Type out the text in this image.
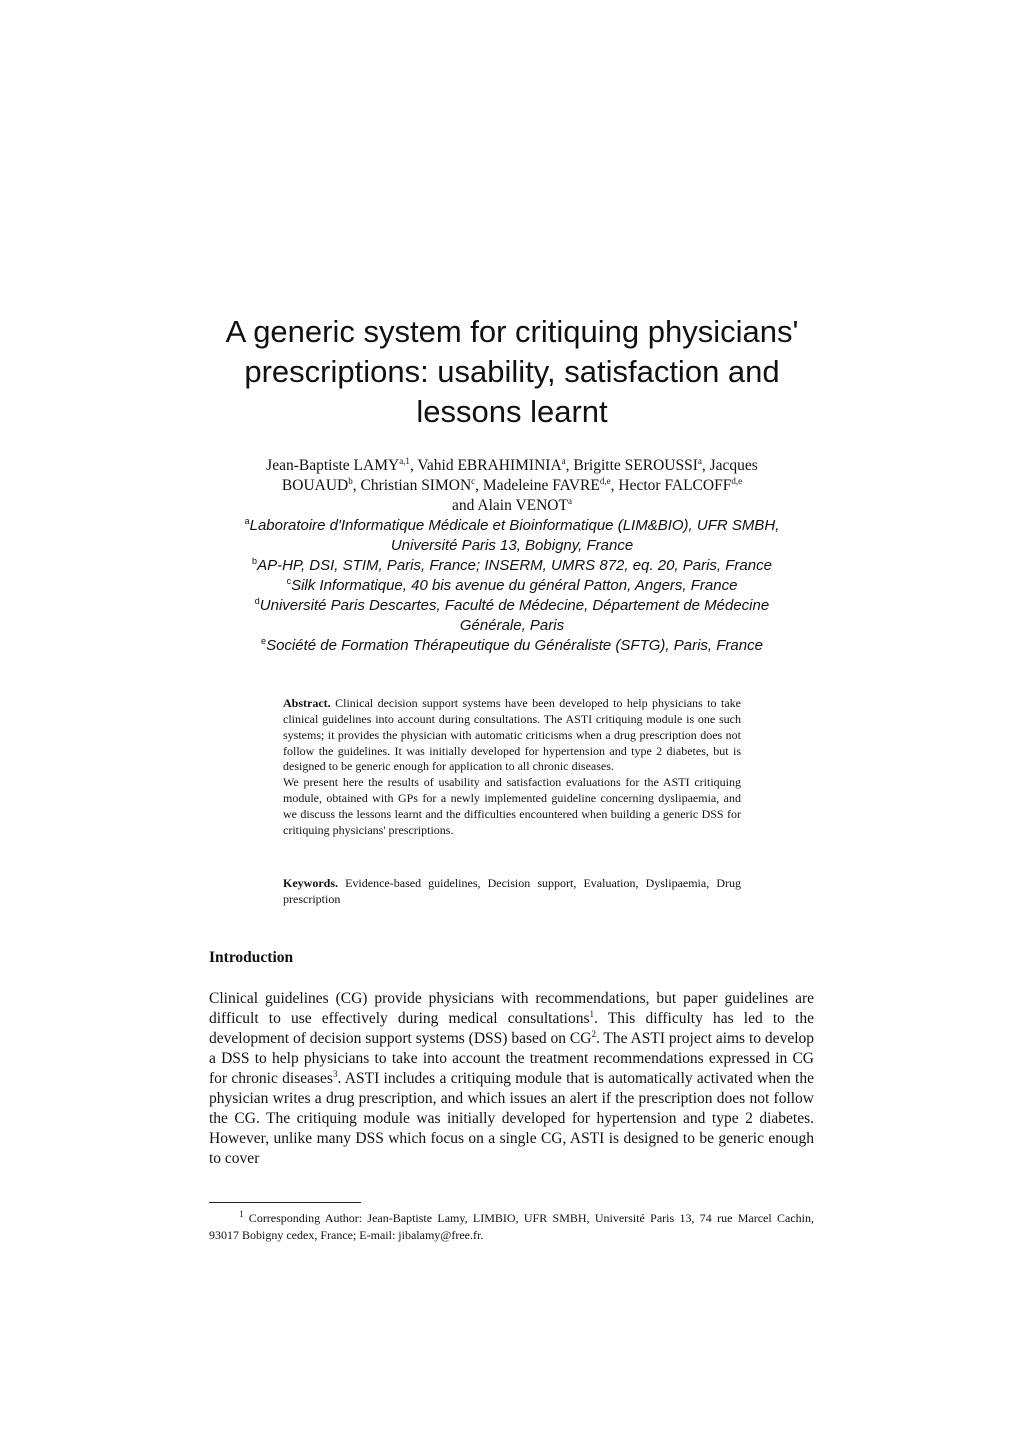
A generic system for critiquing physicians'
prescriptions: usability, satisfaction and
lessons learnt
Jean-Baptiste LAMY$^{a,1}$, Vahid EBRAHIMINIA$^a$, Brigitte SEROUSSI$^a$, Jacques
BOUAUD$^b$, Christian SIMON$^c$, Madeleine FAVRE$^{d,e}$, Hector FALCOFF$^{d,e}$
and Alain VENOT$^a$
$^a$Laboratoire d'Informatique Médicale et Bioinformatique (LIM&BIO), UFR SMBH,
Université Paris 13, Bobigny, France
$^b$AP-HP, DSI, STIM, Paris, France; INSERM, UMRS 872, eq. 20, Paris, France
$^c$Silk Informatique, 40 bis avenue du général Patton, Angers, France
$^d$Université Paris Descartes, Faculté de Médecine, Département de Médecine
Générale, Paris
$^e$Société de Formation Thérapeutique du Généraliste (SFTG), Paris, France

Abstract. Clinical decision support systems have been developed to help physicians to take clinical guidelines into account during consultations. The ASTI critiquing module is one such systems; it provides the physician with automatic criticisms when a drug prescription does not follow the guidelines. It was initially developed for hypertension and type 2 diabetes, but is designed to be generic enough for application to all chronic diseases.

We present here the results of usability and satisfaction evaluations for the ASTI critiquing module, obtained with GPs for a newly implemented guideline concerning dyslipaemia, and we discuss the lessons learnt and the difficulties encountered when building a generic DSS for critiquing physicians' prescriptions.

Keywords. Evidence-based guidelines, Decision support, Evaluation, Dyslipaemia, Drug prescription
Introduction

Clinical guidelines (CG) provide physicians with recommendations, but paper guidelines are difficult to use effectively during medical consultations$^1$. This difficulty has led to the development of decision support systems (DSS) based on $CG^2$. The ASTI project aims to develop a DSS to help physicians to take into account the treatment recommendations expressed in CG for chronic diseases$^3$. ASTI includes a critiquing module that is automatically activated when the physician writes a drug prescription, and which issues an alert if the prescription does not follow the CG. The critiquing module was initially developed for hypertension and type 2 diabetes. However, unlike many DSS which focus on a single CG, ASTI is designed to be generic enough to cover

$^1$ Corresponding Author: Jean-Baptiste Lamy, LIMBIO, UFR SMBH, Université Paris 13, 74 rue Marcel Cachin, 93017 Bobigny cedex, France; E-mail: jibalamy@free.fr.
